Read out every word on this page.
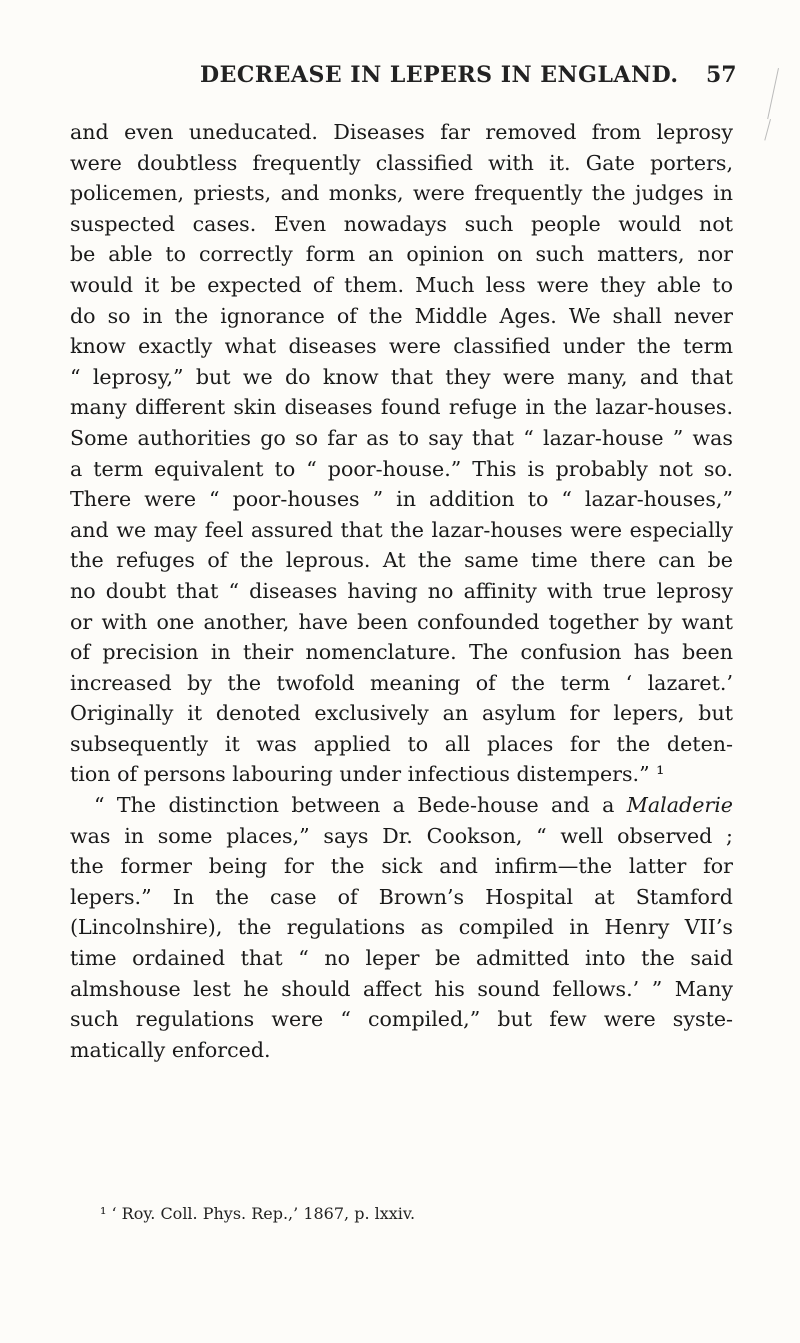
DECREASE IN LEPERS IN ENGLAND. 57
and even uneducated. Diseases far removed from leprosy
were doubtless frequently classified with it. Gate porters,
policemen, priests, and monks, were frequently the judges in
suspected cases. Even nowadays such people would not
be able to correctly form an opinion on such matters, nor
would it be expected of them. Much less were they able to
do so in the ignorance of the Middle Ages. We shall never
know exactly what diseases were classified under the term
“ leprosy,” but we do know that they were many, and that
many different skin diseases found refuge in the lazar-houses.
Some authorities go so far as to say that “ lazar-house ” was
a term equivalent to “ poor-house.” This is probably not so.
There were “ poor-houses ” in addition to “ lazar-houses,”
and we may feel assured that the lazar-houses were especially
the refuges of the leprous. At the same time there can be
no doubt that “ diseases having no affinity with true leprosy
or with one another, have been confounded together by want
of precision in their nomenclature. The confusion has been
increased by the twofold meaning of the term ‘ lazaret.’
Originally it denoted exclusively an asylum for lepers, but
subsequently it was applied to all places for the deten-
tion of persons labouring under infectious distempers.” ¹
“ The distinction between a Bede-house and a Maladerie
was in some places,” says Dr. Cookson, “ well observed ;
the former being for the sick and infirm—the latter for
lepers.” In the case of Brown’s Hospital at Stamford
(Lincolnshire), the regulations as compiled in Henry VII’s
time ordained that “ no leper be admitted into the said
almshouse lest he should affect his sound fellows.’ ” Many
such regulations were “ compiled,” but few were syste-
matically enforced.
¹ ‘ Roy. Coll. Phys. Rep.,’ 1867, p. lxxiv.
